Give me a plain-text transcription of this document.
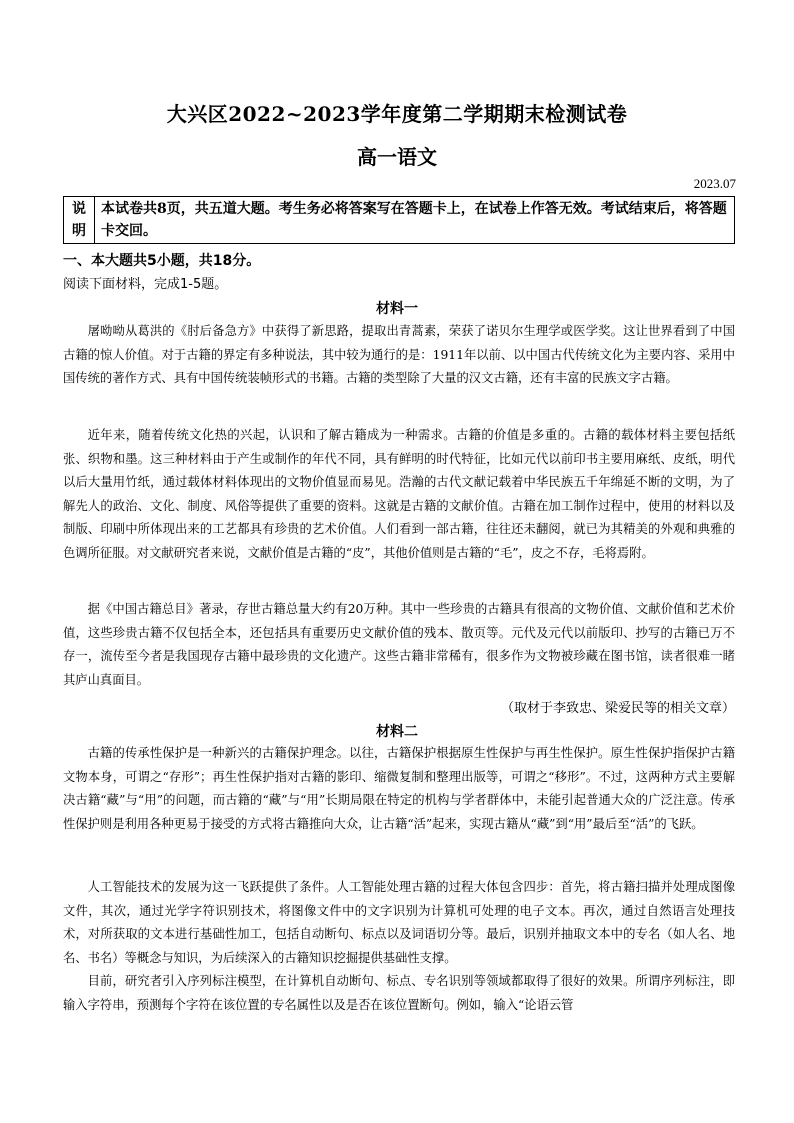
大兴区2022~2023学年度第二学期期末检测试卷
高一语文
2023.07
说
明
本试卷共8页，共五道大题。考生务必将答案写在答题卡上，在试卷上作答无效。考试结束后，将答题卡交回。
一、本大题共5小题，共18分。
阅读下面材料，完成1-5题。
材料一

屠呦呦从葛洪的《肘后备急方》中获得了新思路，提取出青蒿素，荣获了诺贝尔生理学或医学奖。这让世界看到了中国古籍的惊人价值。对于古籍的界定有多种说法，其中较为通行的是：1911年以前、以中国古代传统文化为主要内容、采用中国传统的著作方式、具有中国传统装帧形式的书籍。古籍的类型除了大量的汉文古籍，还有丰富的民族文字古籍。

近年来，随着传统文化热的兴起，认识和了解古籍成为一种需求。古籍的价值是多重的。古籍的载体材料主要包括纸张、织物和墨。这三种材料由于产生或制作的年代不同，具有鲜明的时代特征，比如元代以前印书主要用麻纸、皮纸，明代以后大量用竹纸，通过载体材料体现出的文物价值显而易见。浩瀚的古代文献记载着中华民族五千年绵延不断的文明，为了解先人的政治、文化、制度、风俗等提供了重要的资料。这就是古籍的文献价值。古籍在加工制作过程中，使用的材料以及制版、印刷中所体现出来的工艺都具有珍贵的艺术价值。人们看到一部古籍，往往还未翻阅，就已为其精美的外观和典雅的色调所征服。对文献研究者来说，文献价值是古籍的“皮”，其他价值则是古籍的“毛”，皮之不存，毛将焉附。

据《中国古籍总目》著录，存世古籍总量大约有20万种。其中一些珍贵的古籍具有很高的文物价值、文献价值和艺术价值，这些珍贵古籍不仅包括全本，还包括具有重要历史文献价值的残本、散页等。元代及元代以前版印、抄写的古籍已万不存一，流传至今者是我国现存古籍中最珍贵的文化遗产。这些古籍非常稀有，很多作为文物被珍藏在图书馆，读者很难一睹其庐山真面目。

（取材于李致忠、梁爱民等的相关文章）
材料二

古籍的传承性保护是一种新兴的古籍保护理念。以往，古籍保护根据原生性保护与再生性保护。原生性保护指保护古籍文物本身，可谓之“存形”；再生性保护指对古籍的影印、缩微复制和整理出版等，可谓之“移形”。不过，这两种方式主要解决古籍“藏”与“用”的问题，而古籍的“藏”与“用”长期局限在特定的机构与学者群体中，未能引起普通大众的广泛注意。传承性保护则是利用各种更易于接受的方式将古籍推向大众，让古籍“活”起来，实现古籍从“藏”到“用”最后至“活”的飞跃。

人工智能技术的发展为这一飞跃提供了条件。人工智能处理古籍的过程大体包含四步：首先，将古籍扫描并处理成图像文件，其次，通过光学字符识别技术，将图像文件中的文字识别为计算机可处理的电子文本。再次，通过自然语言处理技术，对所获取的文本进行基础性加工，包括自动断句、标点以及词语切分等。最后，识别并抽取文本中的专名（如人名、地名、书名）等概念与知识，为后续深入的古籍知识挖掘提供基础性支撑。

目前，研究者引入序列标注模型，在计算机自动断句、标点、专名识别等领域都取得了很好的效果。所谓序列标注，即输入字符串，预测每个字符在该位置的专名属性以及是否在该位置断句。例如，输入“论语云管
